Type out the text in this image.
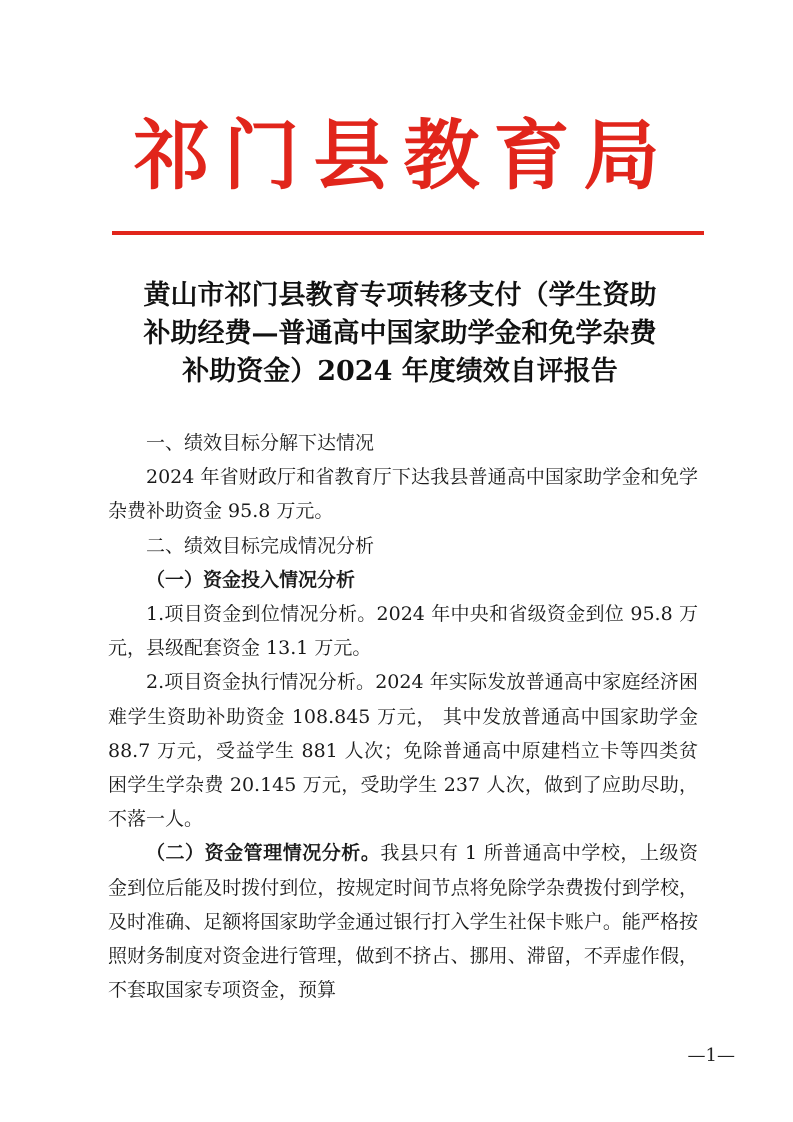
祁门县教育局
黄山市祁门县教育专项转移支付（学生资助
补助经费—普通高中国家助学金和免学杂费
补助资金）2024 年度绩效自评报告

一、绩效目标分解下达情况

2024 年省财政厅和省教育厅下达我县普通高中国家助学金和免学杂费补助资金 95.8 万元。

二、绩效目标完成情况分析

（一）资金投入情况分析

1.项目资金到位情况分析。2024 年中央和省级资金到位 95.8 万元，县级配套资金 13.1 万元。

2.项目资金执行情况分析。2024 年实际发放普通高中家庭经济困难学生资助补助资金 108.845 万元， 其中发放普通高中国家助学金 88.7 万元，受益学生 881 人次；免除普通高中原建档立卡等四类贫困学生学杂费 20.145 万元，受助学生 237 人次，做到了应助尽助，不落一人。

（二）资金管理情况分析。我县只有 1 所普通高中学校，上级资金到位后能及时拨付到位，按规定时间节点将免除学杂费拨付到学校，及时准确、足额将国家助学金通过银行打入学生社保卡账户。能严格按照财务制度对资金进行管理，做到不挤占、挪用、滞留，不弄虚作假，不套取国家专项资金，预算

—1—
